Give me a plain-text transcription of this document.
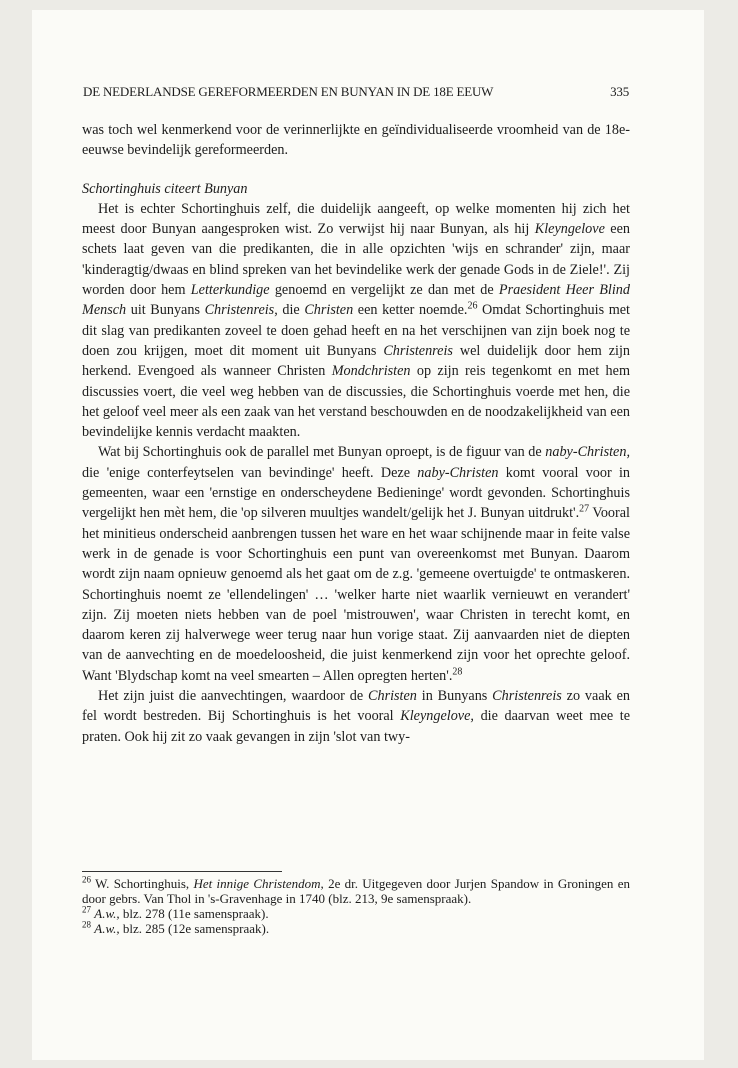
DE NEDERLANDSE GEREFORMEERDEN EN BUNYAN IN DE 18E EEUW	335

was toch wel kenmerkend voor de verinnerlijkte en geïndividualiseerde vroomheid van de 18e-eeuwse bevindelijk gereformeerden.

Schortinghuis citeert Bunyan

Het is echter Schortinghuis zelf, die duidelijk aangeeft, op welke momenten hij zich het meest door Bunyan aangesproken wist. Zo verwijst hij naar Bunyan, als hij Kleyngelove een schets laat geven van die predikanten, die in alle opzichten 'wijs en schrander' zijn, maar 'kinderagtig/dwaas en blind spreken van het bevindelike werk der genade Gods in de Ziele!'. Zij worden door hem Letterkundige genoemd en vergelijkt ze dan met de Praesident Heer Blind Mensch uit Bunyans Christenreis, die Christen een ketter noemde.$^{26}$ Omdat Schortinghuis met dit slag van predikanten zoveel te doen gehad heeft en na het verschijnen van zijn boek nog te doen zou krijgen, moet dit moment uit Bunyans Christenreis wel duidelijk door hem zijn herkend. Evengoed als wanneer Christen Mondchristen op zijn reis tegenkomt en met hem discussies voert, die veel weg hebben van de discussies, die Schortinghuis voerde met hen, die het geloof veel meer als een zaak van het verstand beschouwden en de noodzakelijkheid van een bevindelijke kennis verdacht maakten.

Wat bij Schortinghuis ook de parallel met Bunyan oproept, is de figuur van de naby-Christen, die 'enige conterfeytselen van bevindinge' heeft. Deze naby-Christen komt vooral voor in gemeenten, waar een 'ernstige en onderscheydene Bedieninge' wordt gevonden. Schortinghuis vergelijkt hen mèt hem, die 'op silveren muultjes wandelt/gelijk het J. Bunyan uitdrukt'.$^{27}$ Vooral het minitieus onderscheid aanbrengen tussen het ware en het waar schijnende maar in feite valse werk in de genade is voor Schortinghuis een punt van overeenkomst met Bunyan. Daarom wordt zijn naam opnieuw genoemd als het gaat om de z.g. 'gemeene overtuigde' te ontmaskeren. Schortinghuis noemt ze 'ellendelingen' … 'welker harte niet waarlik vernieuwt en verandert' zijn. Zij moeten niets hebben van de poel 'mistrouwen', waar Christen in terecht komt, en daarom keren zij halverwege weer terug naar hun vorige staat. Zij aanvaarden niet de diepten van de aanvechting en de moedeloosheid, die juist kenmerkend zijn voor het oprechte geloof. Want 'Blydschap komt na veel smearten – Allen opregten herten'.$^{28}$

Het zijn juist die aanvechtingen, waardoor de Christen in Bunyans Christenreis zo vaak en fel wordt bestreden. Bij Schortinghuis is het vooral Kleyngelove, die daarvan weet mee te praten. Ook hij zit zo vaak gevangen in zijn 'slot van twy-

$^{26}$ W. Schortinghuis, Het innige Christendom, 2e dr. Uitgegeven door Jurjen Spandow in Groningen en door gebrs. Van Thol in 's-Gravenhage in 1740 (blz. 213, 9e samenspraak).

$^{27}$ A.w., blz. 278 (11e samenspraak).

$^{28}$ A.w., blz. 285 (12e samenspraak).
